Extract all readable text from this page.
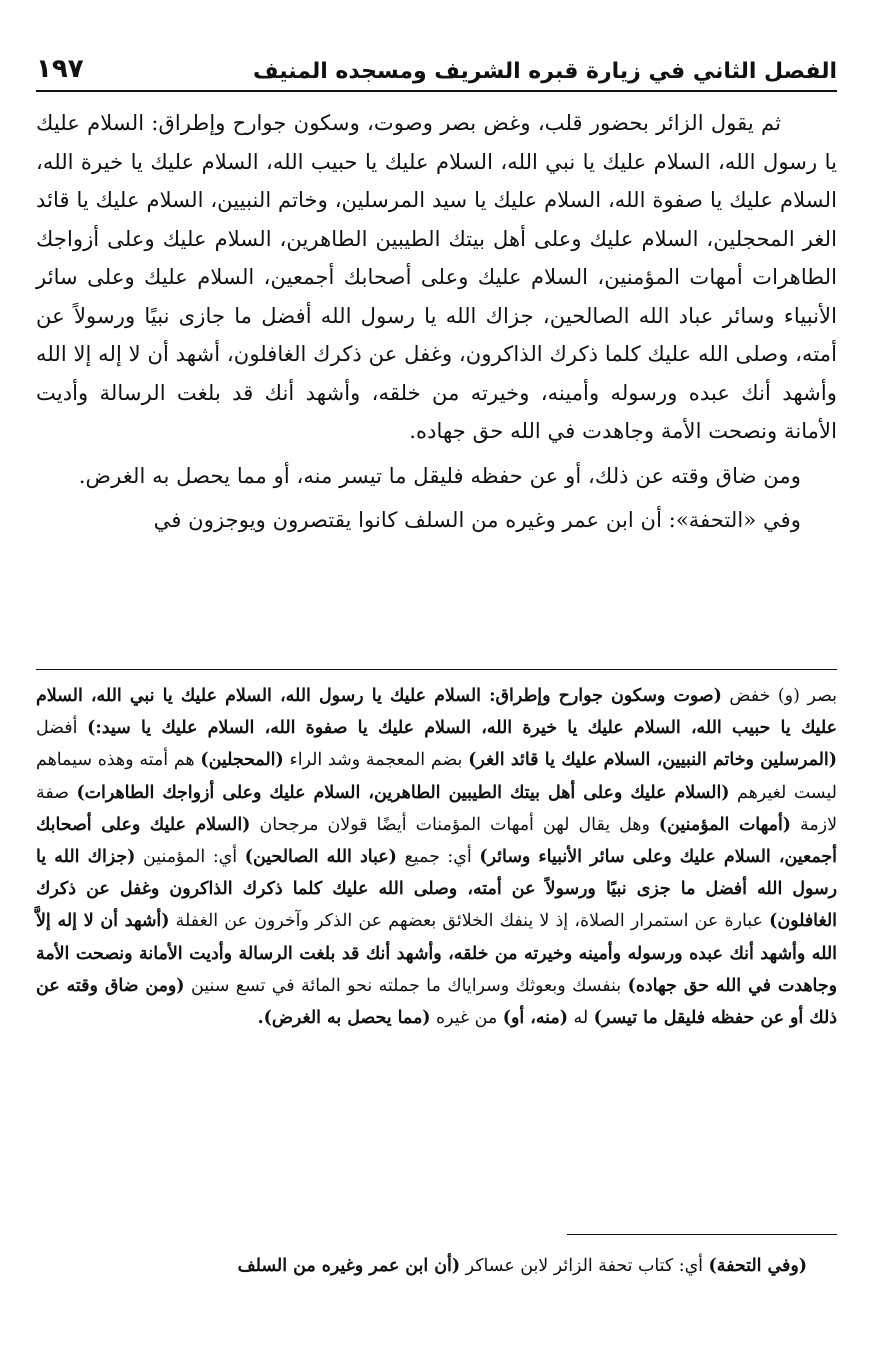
الفصل الثاني في زيارة قبره الشريف ومسجده المنيف
١٩٧

ثم يقول الزائر بحضور قلب، وغض بصر وصوت، وسكون جوارح وإطراق: السلام عليك يا رسول الله، السلام عليك يا نبي الله، السلام عليك يا حبيب الله، السلام عليك يا خيرة الله، السلام عليك يا صفوة الله، السلام عليك يا سيد المرسلين، وخاتم النبيين، السلام عليك يا قائد الغر المحجلين، السلام عليك وعلى أهل بيتك الطيبين الطاهرين، السلام عليك وعلى أزواجك الطاهرات أمهات المؤمنين، السلام عليك وعلى أصحابك أجمعين، السلام عليك وعلى سائر الأنبياء وسائر عباد الله الصالحين، جزاك الله يا رسول الله أفضل ما جازى نبيًا ورسولاً عن أمته، وصلى الله عليك كلما ذكرك الذاكرون، وغفل عن ذكرك الغافلون، أشهد أن لا إله إلا الله وأشهد أنك عبده ورسوله وأمينه، وخيرته من خلقه، وأشهد أنك قد بلغت الرسالة وأديت الأمانة ونصحت الأمة وجاهدت في الله حق جهاده.

ومن ضاق وقته عن ذلك، أو عن حفظه فليقل ما تيسر منه، أو مما يحصل به الغرض.

وفي «التحفة»: أن ابن عمر وغيره من السلف كانوا يقتصرون ويوجزون في

بصر (و) خفض (صوت وسكون جوارح وإطراق: السلام عليك يا رسول الله، السلام عليك يا نبي الله، السلام عليك يا حبيب الله، السلام عليك يا خيرة الله، السلام عليك يا صفوة الله، السلام عليك يا سيد:) أفضل (المرسلين وخاتم النبيين، السلام عليك يا قائد الغر) بضم المعجمة وشد الراء (المحجلين) هم أمته وهذه سيماهم ليست لغيرهم (السلام عليك وعلى أهل بيتك الطيبين الطاهرين، السلام عليك وعلى أزواجك الطاهرات) صفة لازمة (أمهات المؤمنين) وهل يقال لهن أمهات المؤمنات أيضًا قولان مرجحان (السلام عليك وعلى أصحابك أجمعين، السلام عليك وعلى سائر الأنبياء وسائر) أي: جميع (عباد الله الصالحين) أي: المؤمنين (جزاك الله يا رسول الله أفضل ما جزى نبيًا ورسولاً عن أمته، وصلى الله عليك كلما ذكرك الذاكرون وغفل عن ذكرك الغافلون) عبارة عن استمرار الصلاة، إذ لا ينفك الخلائق بعضهم عن الذكر وآخرون عن الغفلة (أشهد أن لا إله إلاَّ الله وأشهد أنك عبده ورسوله وأمينه وخيرته من خلقه، وأشهد أنك قد بلغت الرسالة وأديت الأمانة ونصحت الأمة وجاهدت في الله حق جهاده) بنفسك وبعوثك وسراياك ما جملته نحو المائة في تسع سنين (ومن ضاق وقته عن ذلك أو عن حفظه فليقل ما تيسر) له (منه، أو) من غيره (مما يحصل به الغرض).

(وفي التحفة) أي: كتاب تحفة الزائر لابن عساكر (أن ابن عمر وغيره من السلف
